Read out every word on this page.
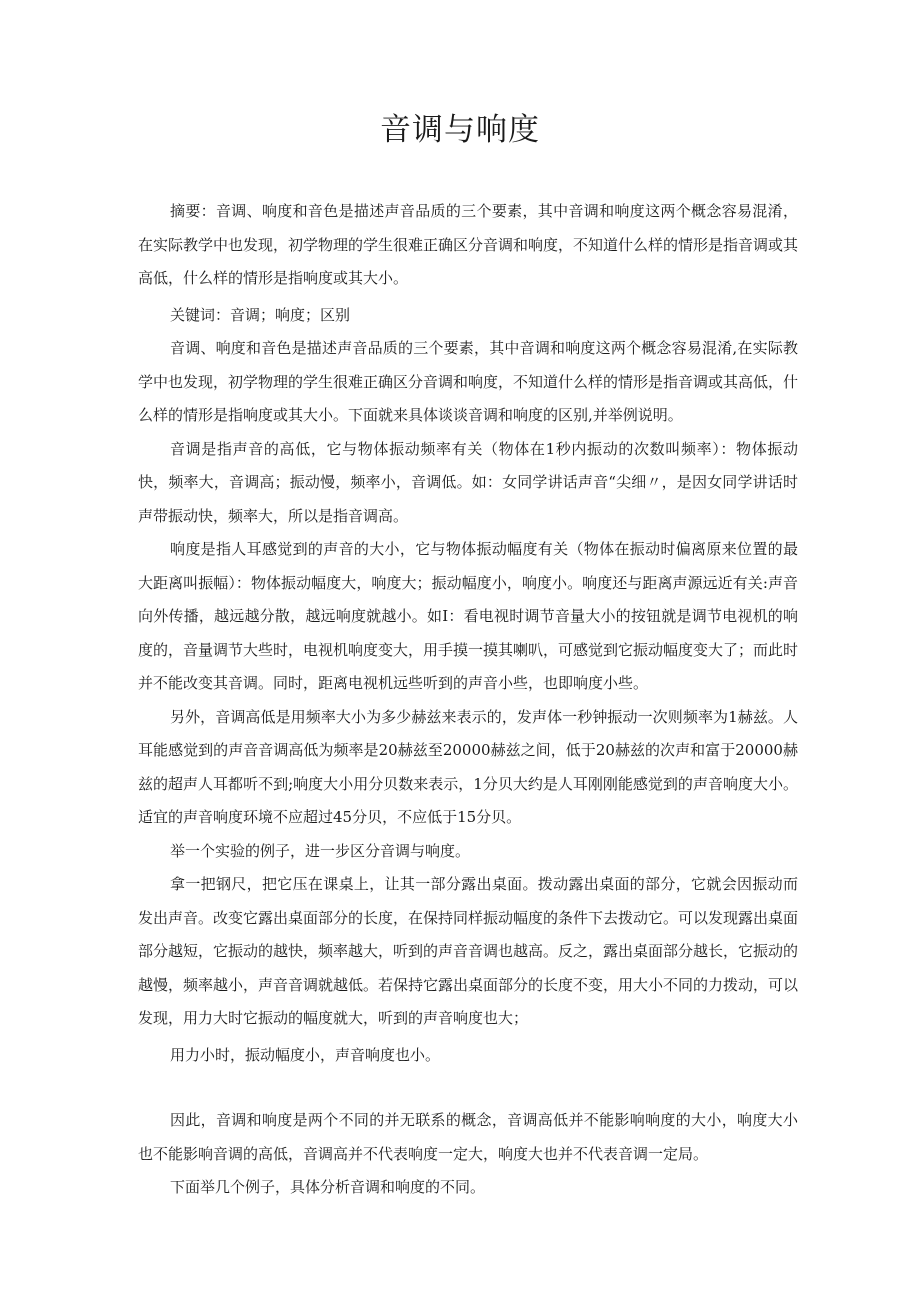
音调与响度

摘要：音调、响度和音色是描述声音品质的三个要素，其中音调和响度这两个概念容易混淆，在实际教学中也发现，初学物理的学生很难正确区分音调和响度，不知道什么样的情形是指音调或其高低，什么样的情形是指响度或其大小。

关键词：音调；响度；区别

音调、响度和音色是描述声音品质的三个要素，其中音调和响度这两个概念容易混淆,在实际教学中也发现，初学物理的学生很难正确区分音调和响度，不知道什么样的情形是指音调或其高低，什么样的情形是指响度或其大小。下面就来具体谈谈音调和响度的区别,并举例说明。

音调是指声音的高低，它与物体振动频率有关（物体在1秒内振动的次数叫频率）：物体振动快，频率大，音调高；振动慢，频率小，音调低。如：女同学讲话声音“尖细〃，是因女同学讲话时声带振动快，频率大，所以是指音调高。

响度是指人耳感觉到的声音的大小，它与物体振动幅度有关（物体在振动时偏离原来位置的最大距离叫振幅）：物体振动幅度大，响度大；振动幅度小，响度小。响度还与距离声源远近有关:声音向外传播，越远越分散，越远响度就越小。如I：看电视时调节音量大小的按钮就是调节电视机的响度的，音量调节大些时，电视机响度变大，用手摸一摸其喇叭，可感觉到它振动幅度变大了；而此时并不能改变其音调。同时，距离电视机远些听到的声音小些，也即响度小些。

另外，音调高低是用频率大小为多少赫兹来表示的，发声体一秒钟振动一次则频率为1赫兹。人耳能感觉到的声音音调高低为频率是20赫兹至20000赫兹之间，低于20赫兹的次声和富于20000赫兹的超声人耳都听不到;响度大小用分贝数来表示，1分贝大约是人耳刚刚能感觉到的声音响度大小。适宜的声音响度环境不应超过45分贝，不应低于15分贝。

举一个实验的例子，进一步区分音调与响度。

拿一把钢尺，把它压在课桌上，让其一部分露出桌面。拨动露出桌面的部分，它就会因振动而发出声音。改变它露出桌面部分的长度，在保持同样振动幅度的条件下去拨动它。可以发现露出桌面部分越短，它振动的越快，频率越大，听到的声音音调也越高。反之，露出桌面部分越长，它振动的越慢，频率越小，声音音调就越低。若保持它露出桌面部分的长度不变，用大小不同的力拨动，可以发现，用力大时它振动的幅度就大，听到的声音响度也大；

用力小时，振动幅度小，声音响度也小。

因此，音调和响度是两个不同的并无联系的概念，音调高低并不能影响响度的大小，响度大小也不能影响音调的高低，音调高并不代表响度一定大，响度大也并不代表音调一定局。

下面举几个例子，具体分析音调和响度的不同。
